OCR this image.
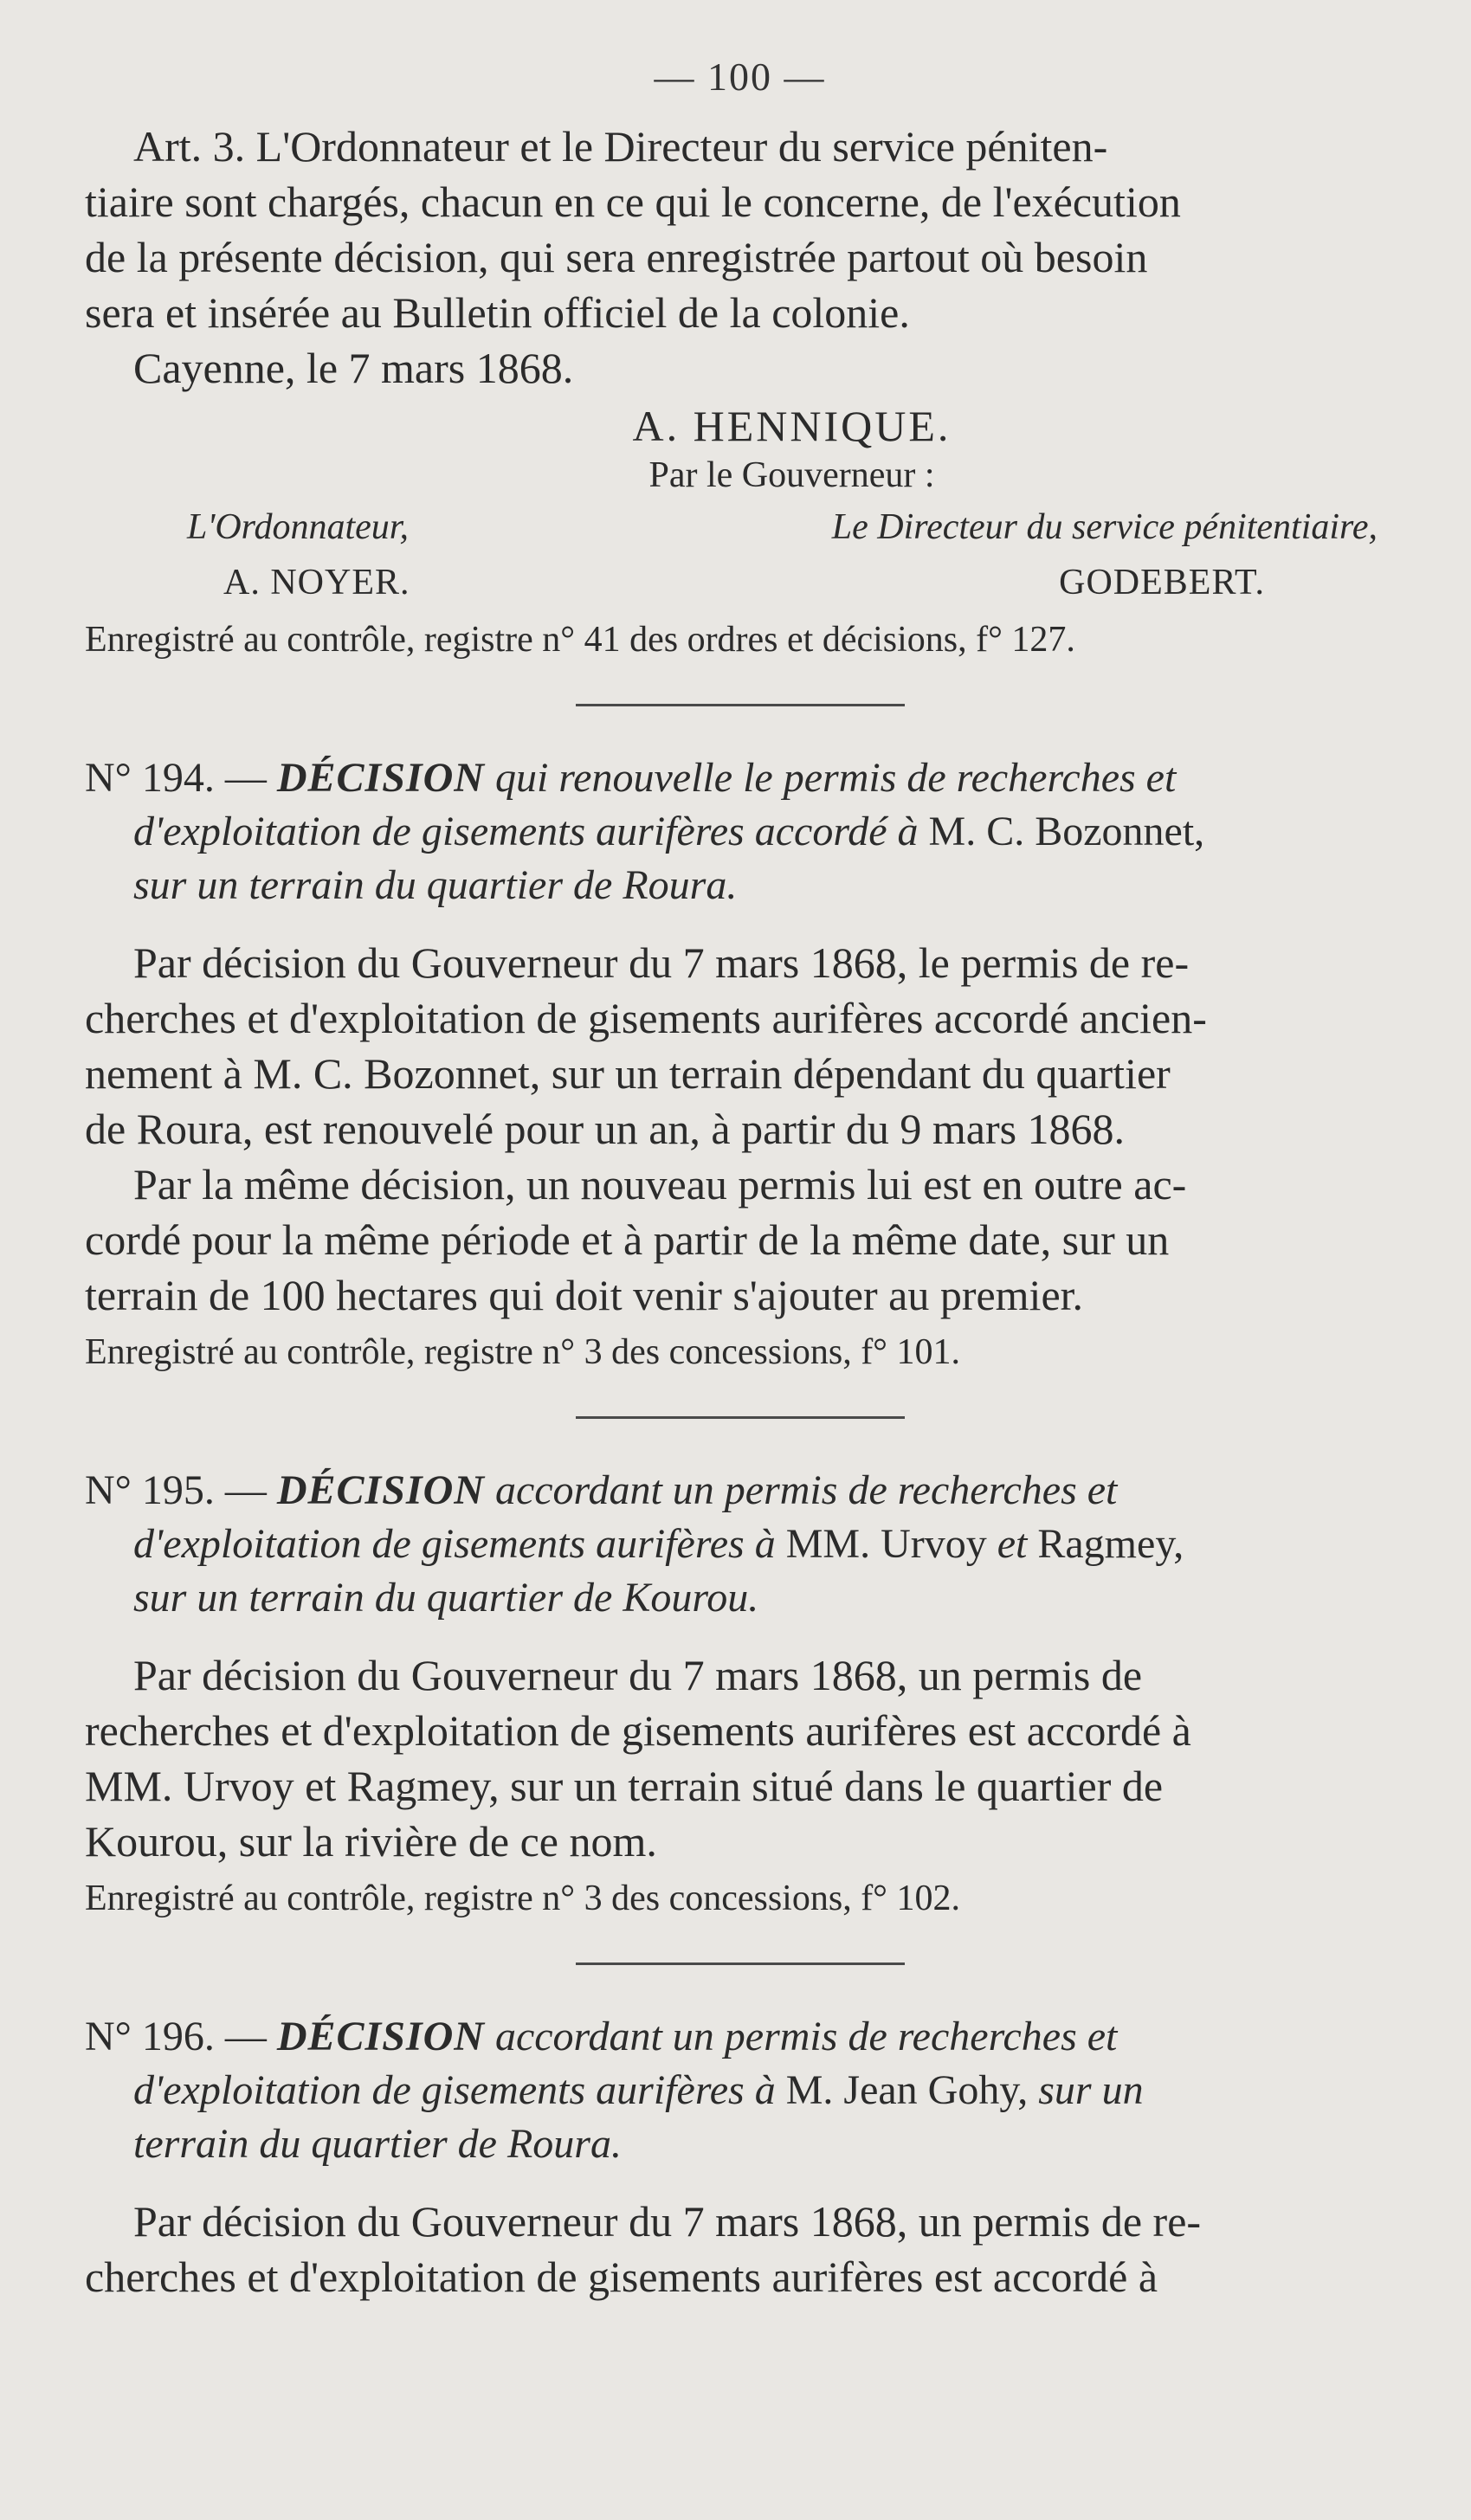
— 100 —

Art. 3. L'Ordonnateur et le Directeur du service péniten-

tiaire sont chargés, chacun en ce qui le concerne, de l'exécution

de la présente décision, qui sera enregistrée partout où besoin

sera et insérée au Bulletin officiel de la colonie.

Cayenne, le 7 mars 1868.

A. HENNIQUE.
Par le Gouverneur :
L'Ordonnateur,	Le Directeur du service pénitentiaire,
A. NOYER.	GODEBERT.

Enregistré au contrôle, registre n° 41 des ordres et décisions, f° 127.

N° 194. — DÉCISION qui renouvelle le permis de recherches et
d'exploitation de gisements aurifères accordé à M. C. Bozonnet,
sur un terrain du quartier de Roura.

Par décision du Gouverneur du 7 mars 1868, le permis de re-

cherches et d'exploitation de gisements aurifères accordé ancien-

nement à M. C. Bozonnet, sur un terrain dépendant du quartier

de Roura, est renouvelé pour un an, à partir du 9 mars 1868.

Par la même décision, un nouveau permis lui est en outre ac-

cordé pour la même période et à partir de la même date, sur un

terrain de 100 hectares qui doit venir s'ajouter au premier.

Enregistré au contrôle, registre n° 3 des concessions, f° 101.

N° 195. — DÉCISION accordant un permis de recherches et
d'exploitation de gisements aurifères à MM. Urvoy et Ragmey,
sur un terrain du quartier de Kourou.

Par décision du Gouverneur du 7 mars 1868, un permis de

recherches et d'exploitation de gisements aurifères est accordé à

MM. Urvoy et Ragmey, sur un terrain situé dans le quartier de

Kourou, sur la rivière de ce nom.

Enregistré au contrôle, registre n° 3 des concessions, f° 102.

N° 196. — DÉCISION accordant un permis de recherches et
d'exploitation de gisements aurifères à M. Jean Gohy, sur un
terrain du quartier de Roura.

Par décision du Gouverneur du 7 mars 1868, un permis de re-

cherches et d'exploitation de gisements aurifères est accordé à
